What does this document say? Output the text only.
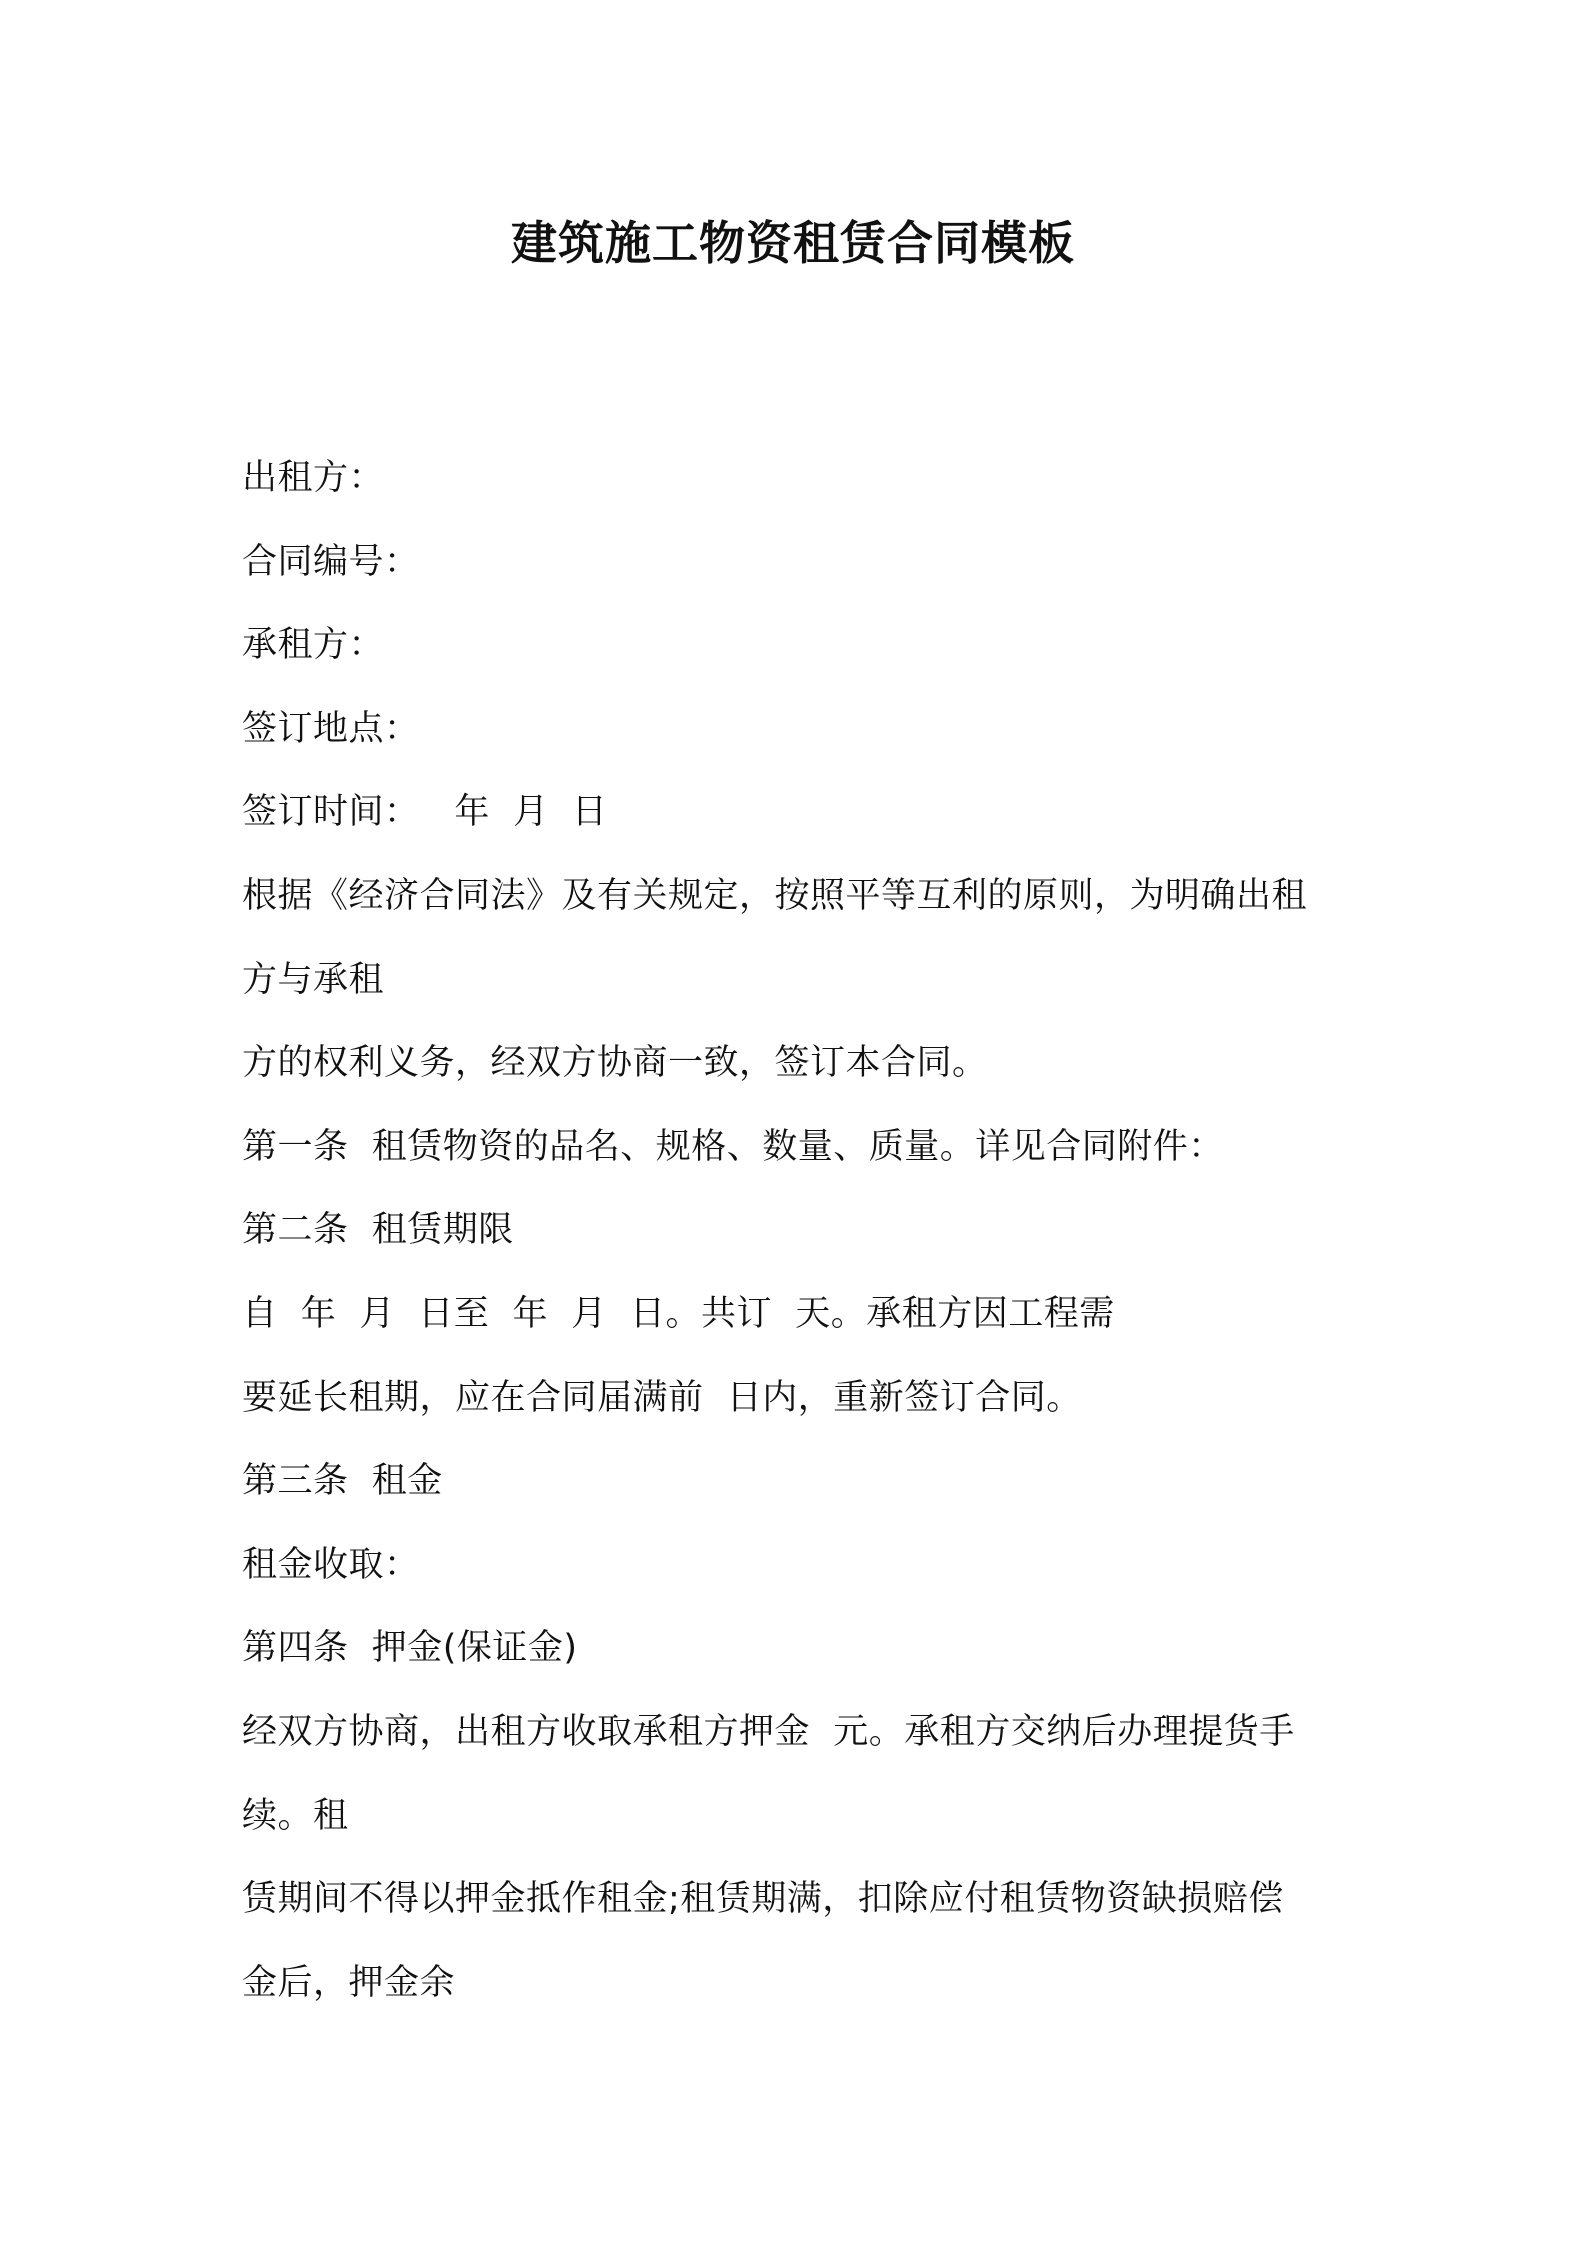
建筑施工物资租赁合同模板
出租方：
合同编号：
承租方：
签订地点：
签订时间：   年  月  日
根据《经济合同法》及有关规定，按照平等互利的原则，为明确出租
方与承租
方的权利义务，经双方协商一致，签订本合同。
第一条  租赁物资的品名、规格、数量、质量。详见合同附件：
第二条  租赁期限
自  年  月  日至  年  月  日。共订  天。承租方因工程需
要延长租期，应在合同届满前  日内，重新签订合同。
第三条  租金
租金收取：
第四条  押金(保证金)
经双方协商，出租方收取承租方押金  元。承租方交纳后办理提货手
续。租
赁期间不得以押金抵作租金;租赁期满，扣除应付租赁物资缺损赔偿
金后，押金余
